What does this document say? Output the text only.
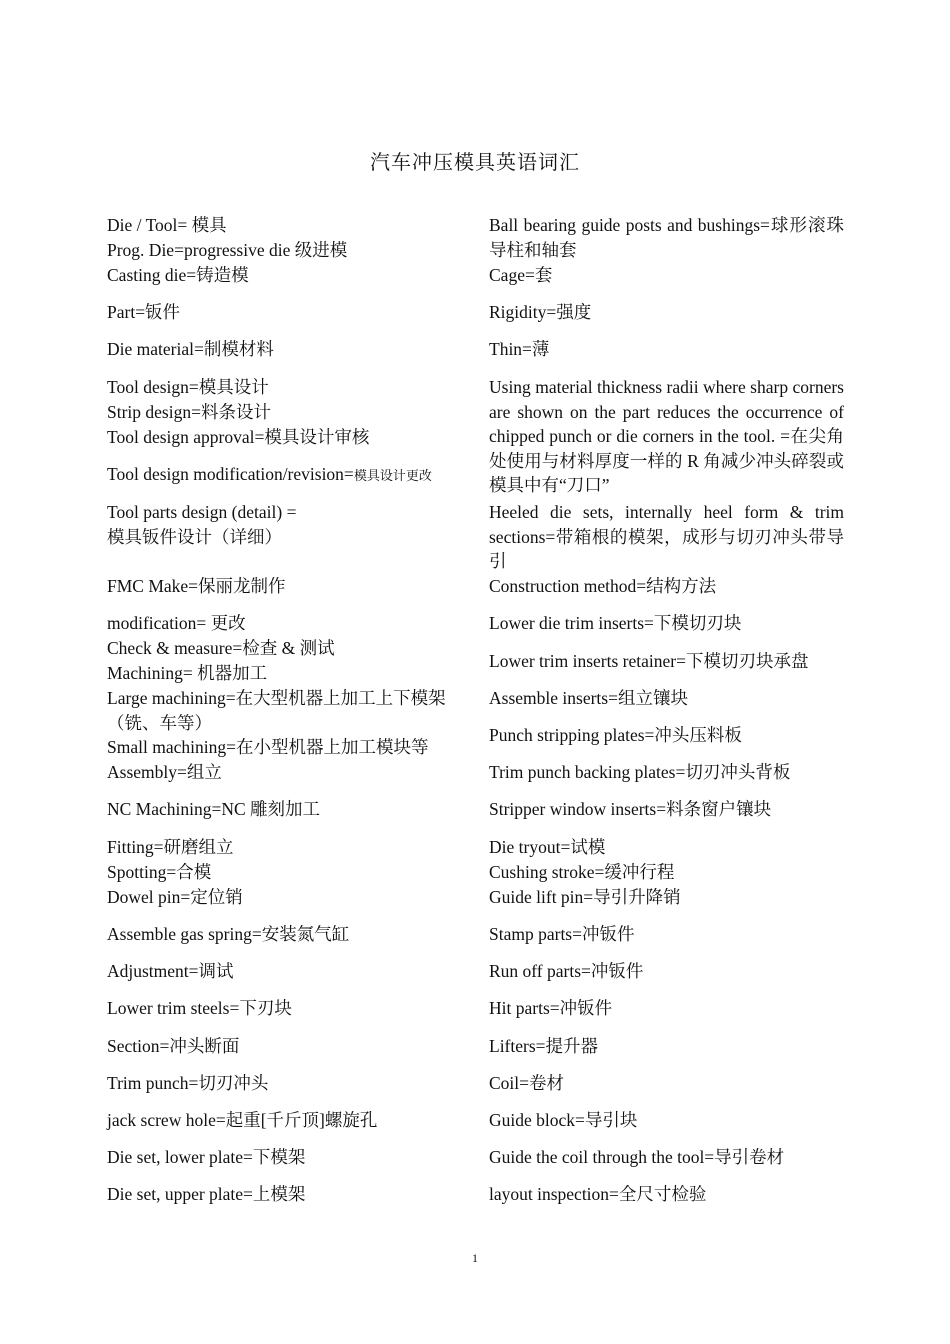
汽车冲压模具英语词汇
Die / Tool= 模具
Prog. Die=progressive die 级进模
Casting die=铸造模
Part=钣件
Die material=制模材料
Tool design=模具设计
Strip design=料条设计
Tool design approval=模具设计审核
Tool design modification/revision=模具设计更改
Tool parts design (detail) =
模具钣件设计（详细）
FMC Make=保丽龙制作
modification= 更改
Check & measure=检查 & 测试
Machining= 机器加工
Large machining=在大型机器上加工上下模架（铣、车等）
Small machining=在小型机器上加工模块等
Assembly=组立
NC Machining=NC 雕刻加工
Fitting=研磨组立
Spotting=合模
Dowel pin=定位销
Assemble gas spring=安装氮气缸
Adjustment=调试
Lower trim steels=下刃块
Section=冲头断面
Trim punch=切刃冲头
jack screw hole=起重[千斤顶]螺旋孔
Die set, lower plate=下模架
Die set, upper plate=上模架
Ball bearing guide posts and bushings=球形滚珠导柱和轴套
Cage=套
Rigidity=强度
Thin=薄
Using material thickness radii where sharp corners are shown on the part reduces the occurrence of chipped punch or die corners in the tool. =在尖角处使用与材料厚度一样的 R 角减少冲头碎裂或模具中有“刀口”
Heeled die sets, internally heel form & trim sections=带箱根的模架，成形与切刃冲头带导引
Construction method=结构方法
Lower die trim inserts=下模切刃块
Lower trim inserts retainer=下模切刃块承盘
Assemble inserts=组立镶块
Punch stripping plates=冲头压料板
Trim punch backing plates=切刃冲头背板
Stripper window inserts=料条窗户镶块
Die tryout=试模
Cushing stroke=缓冲行程
Guide lift pin=导引升降销
Stamp parts=冲钣件
Run off parts=冲钣件
Hit parts=冲钣件
Lifters=提升器
Coil=卷材
Guide block=导引块
Guide the coil through the tool=导引卷材
layout inspection=全尺寸检验
1
